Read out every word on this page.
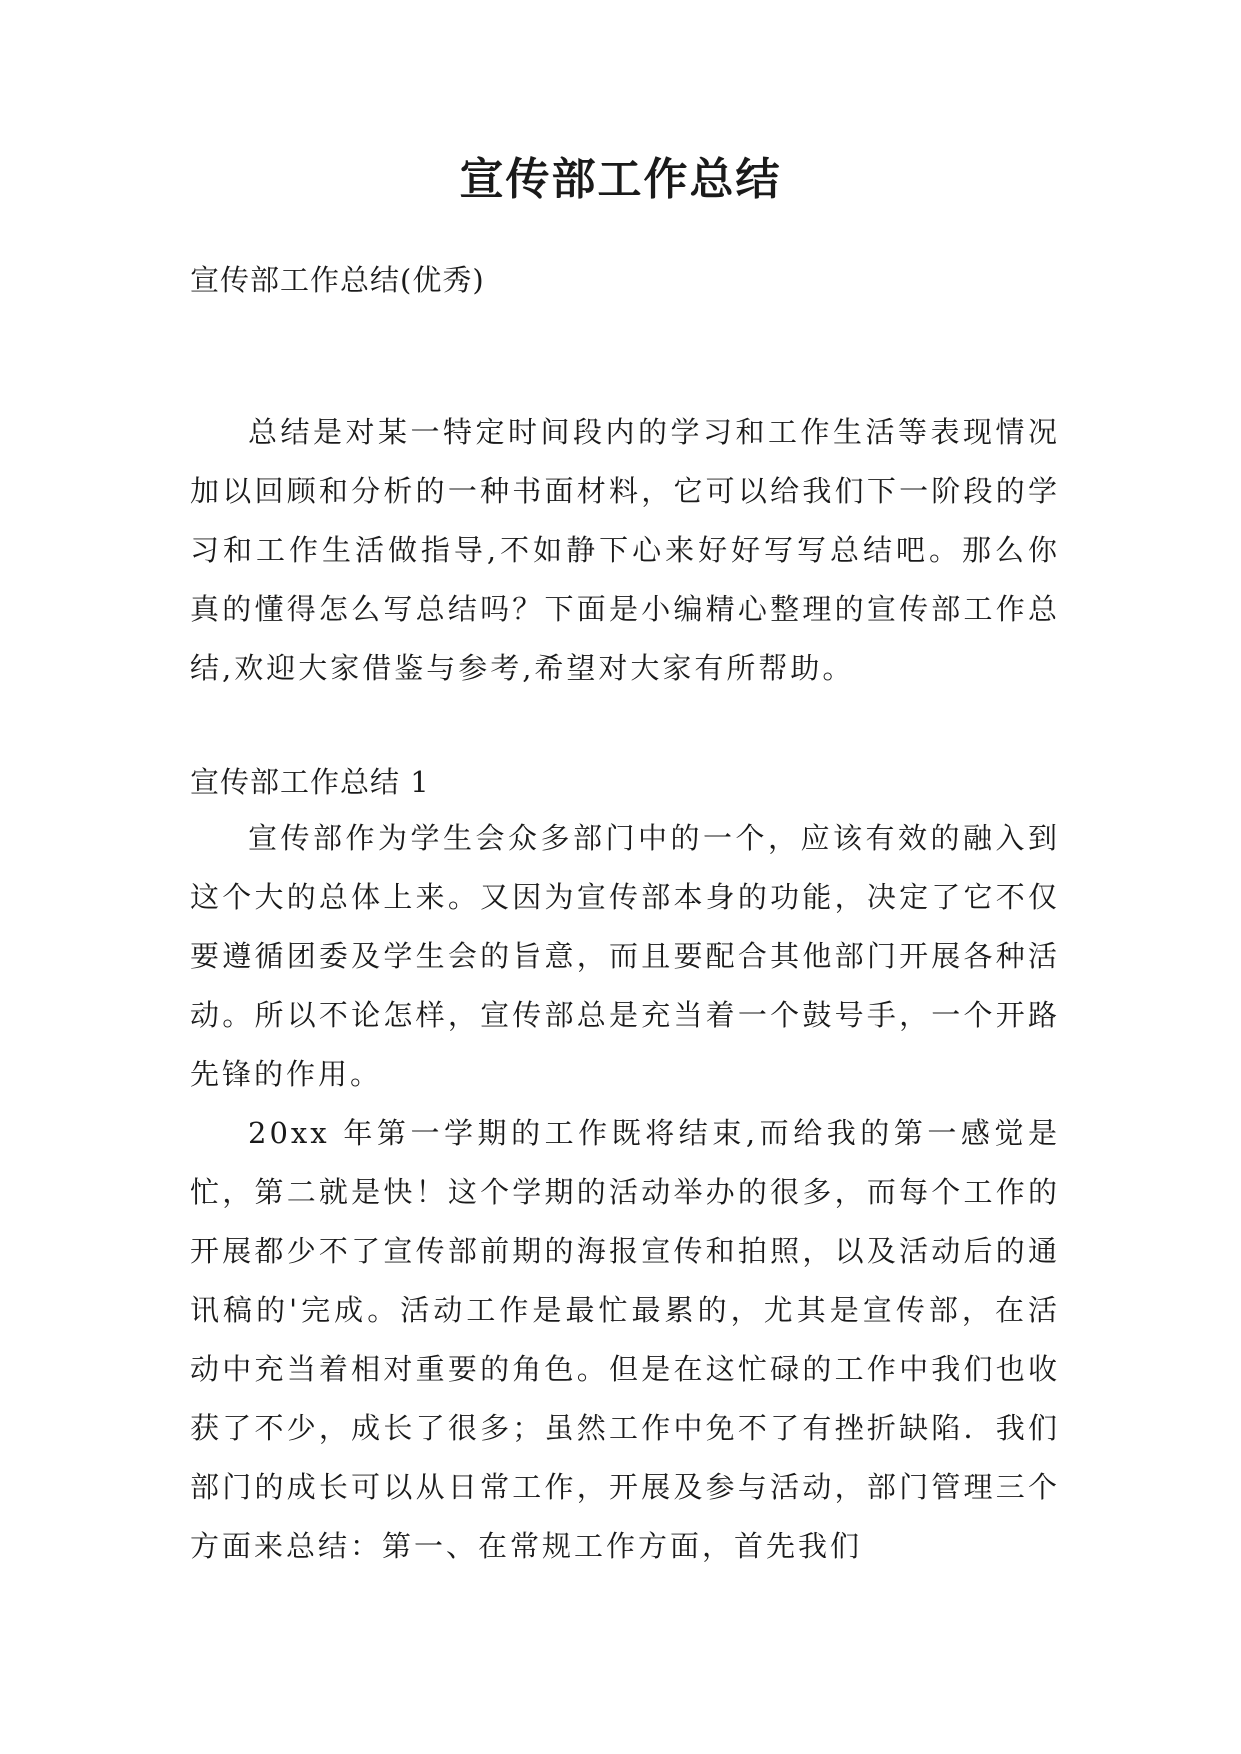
宣传部工作总结
宣传部工作总结(优秀)

总结是对某一特定时间段内的学习和工作生活等表现情况加以回顾和分析的一种书面材料，它可以给我们下一阶段的学习和工作生活做指导,不如静下心来好好写写总结吧。那么你真的懂得怎么写总结吗？下面是小编精心整理的宣传部工作总结,欢迎大家借鉴与参考,希望对大家有所帮助。

宣传部工作总结 1

宣传部作为学生会众多部门中的一个，应该有效的融入到这个大的总体上来。又因为宣传部本身的功能，决定了它不仅要遵循团委及学生会的旨意，而且要配合其他部门开展各种活动。所以不论怎样，宣传部总是充当着一个鼓号手，一个开路先锋的作用。

20xx 年第一学期的工作既将结束,而给我的第一感觉是忙，第二就是快！这个学期的活动举办的很多，而每个工作的开展都少不了宣传部前期的海报宣传和拍照，以及活动后的通讯稿的'完成。活动工作是最忙最累的，尤其是宣传部，在活动中充当着相对重要的角色。但是在这忙碌的工作中我们也收获了不少，成长了很多；虽然工作中免不了有挫折缺陷．我们部门的成长可以从日常工作，开展及参与活动，部门管理三个方面来总结：第一、在常规工作方面，首先我们
